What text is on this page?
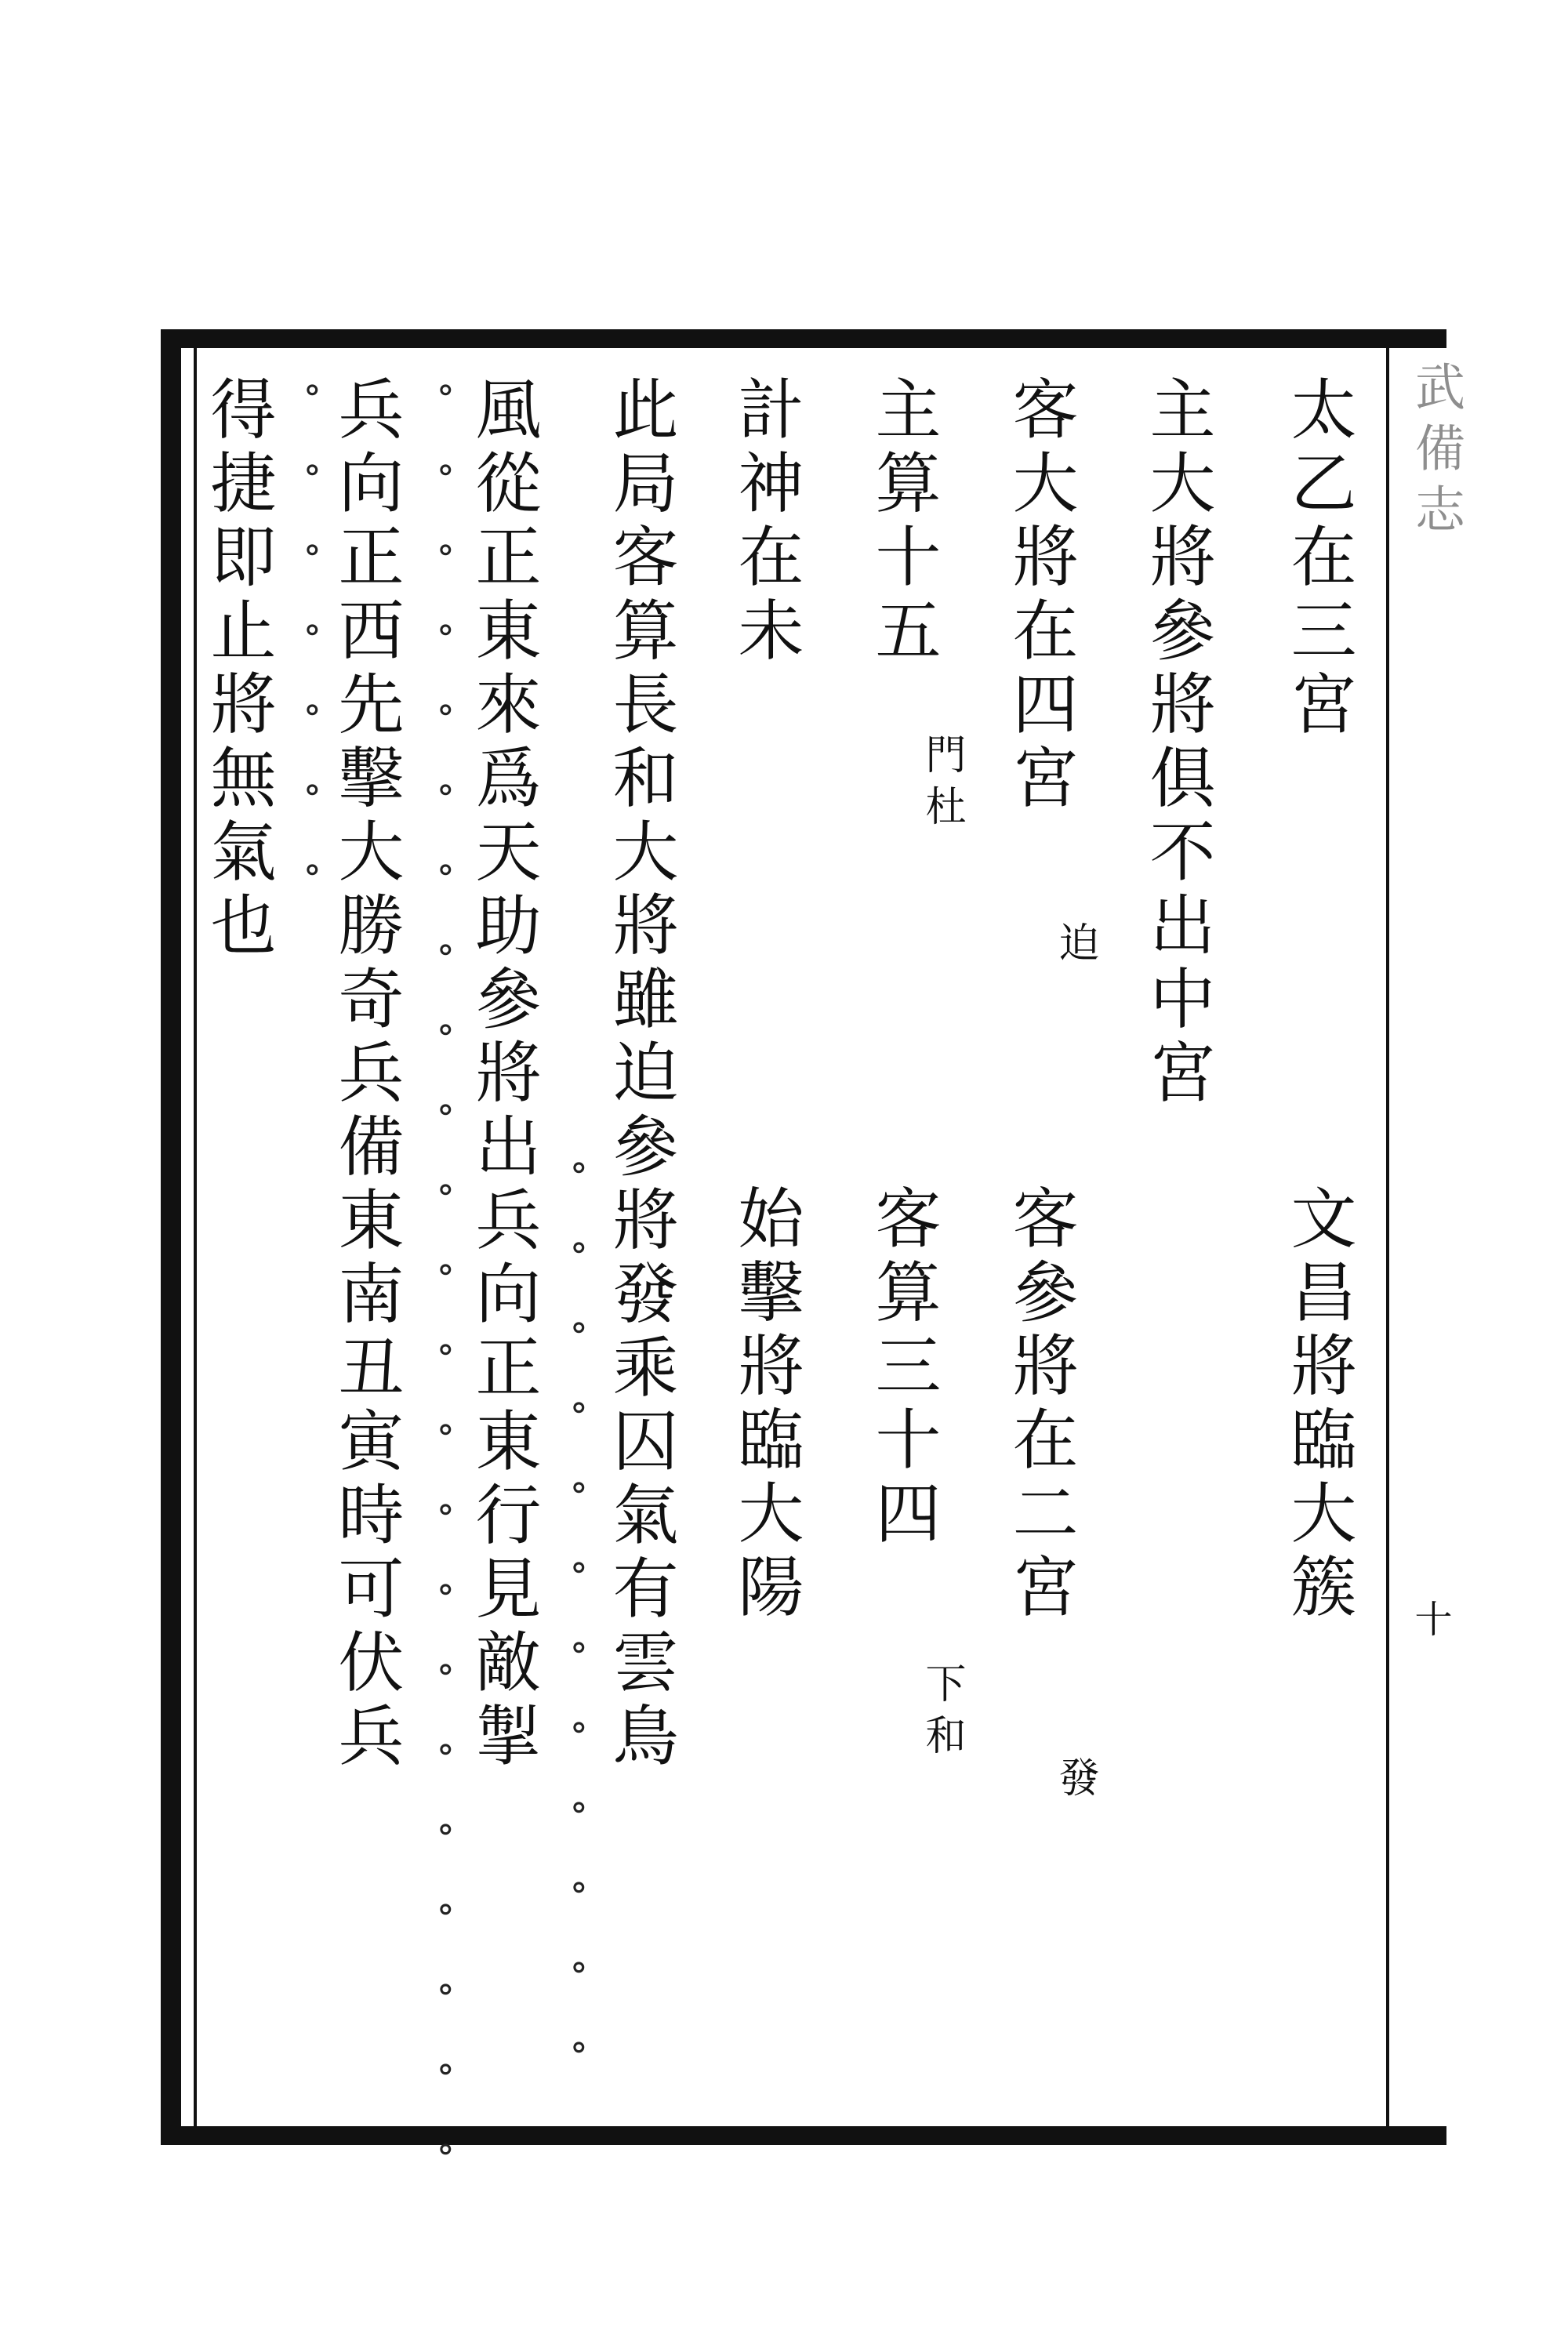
武備志
十
太乙在三宮
文昌將臨大簇
主大將參將俱不出中宮
客大將在四宮
迫
客參將在二宮
發
主算十五
門杜
客算三十四
下和
計神在未
始擊將臨大陽
此局客算長和大將雖迫參將發乘囚氣有雲鳥
ᐤᐤᐤᐤᐤᐤᐤᐤᐤᐤᐤᐤ
風從正東來爲天助參將出兵向正東行見敵掣
ᐤᐤᐤᐤᐤᐤᐤᐤᐤᐤᐤᐤᐤᐤᐤᐤᐤᐤᐤᐤᐤᐤᐤ
兵向正西先擊大勝奇兵備東南丑寅時可伏兵
ᐤᐤᐤᐤᐤᐤᐤ
得捷即止將無氣也
